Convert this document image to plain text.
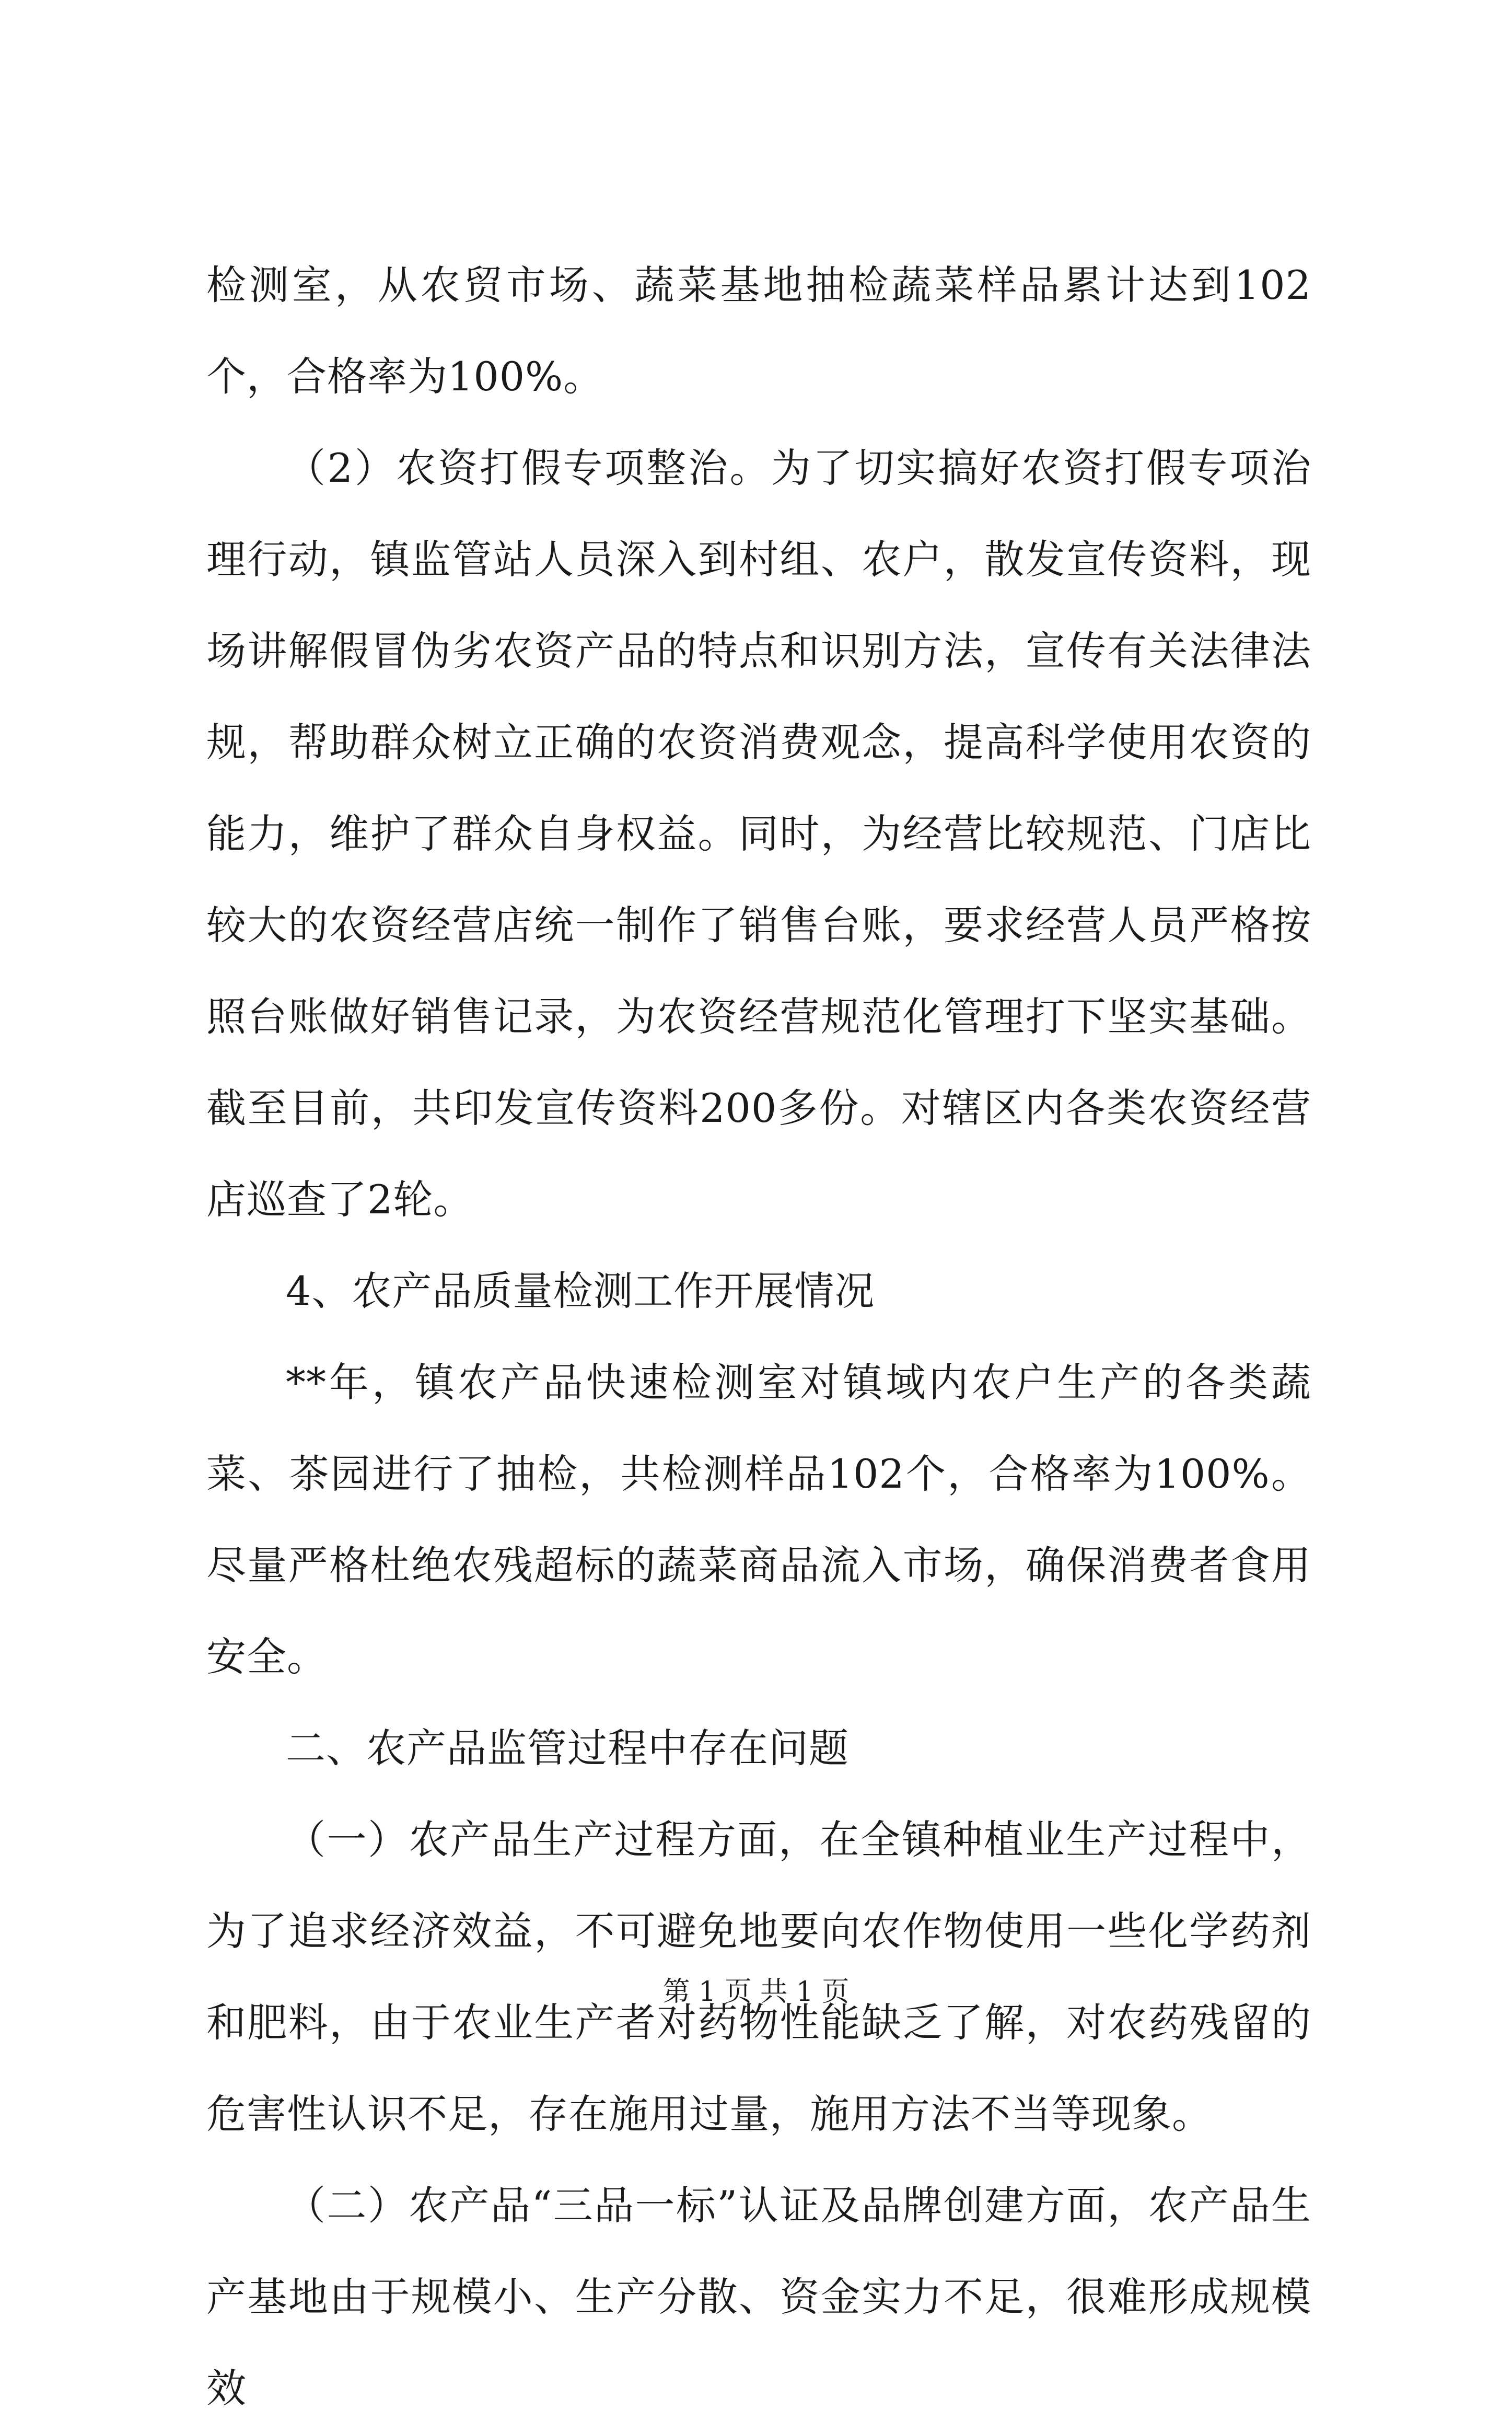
检测室，从农贸市场、蔬菜基地抽检蔬菜样品累计达到102个，合格率为100%。

（2）农资打假专项整治。为了切实搞好农资打假专项治理行动，镇监管站人员深入到村组、农户，散发宣传资料，现场讲解假冒伪劣农资产品的特点和识别方法，宣传有关法律法规，帮助群众树立正确的农资消费观念，提高科学使用农资的能力，维护了群众自身权益。同时，为经营比较规范、门店比较大的农资经营店统一制作了销售台账，要求经营人员严格按照台账做好销售记录，为农资经营规范化管理打下坚实基础。截至目前，共印发宣传资料200多份。对辖区内各类农资经营店巡查了2轮。

4、农产品质量检测工作开展情况

**年，镇农产品快速检测室对镇域内农户生产的各类蔬菜、茶园进行了抽检，共检测样品102个，合格率为100%。尽量严格杜绝农残超标的蔬菜商品流入市场，确保消费者食用安全。

二、农产品监管过程中存在问题

（一）农产品生产过程方面，在全镇种植业生产过程中，为了追求经济效益，不可避免地要向农作物使用一些化学药剂和肥料，由于农业生产者对药物性能缺乏了解，对农药残留的危害性认识不足，存在施用过量，施用方法不当等现象。

（二）农产品“三品一标”认证及品牌创建方面，农产品生产基地由于规模小、生产分散、资金实力不足，很难形成规模效

第 1 页 共 1 页
